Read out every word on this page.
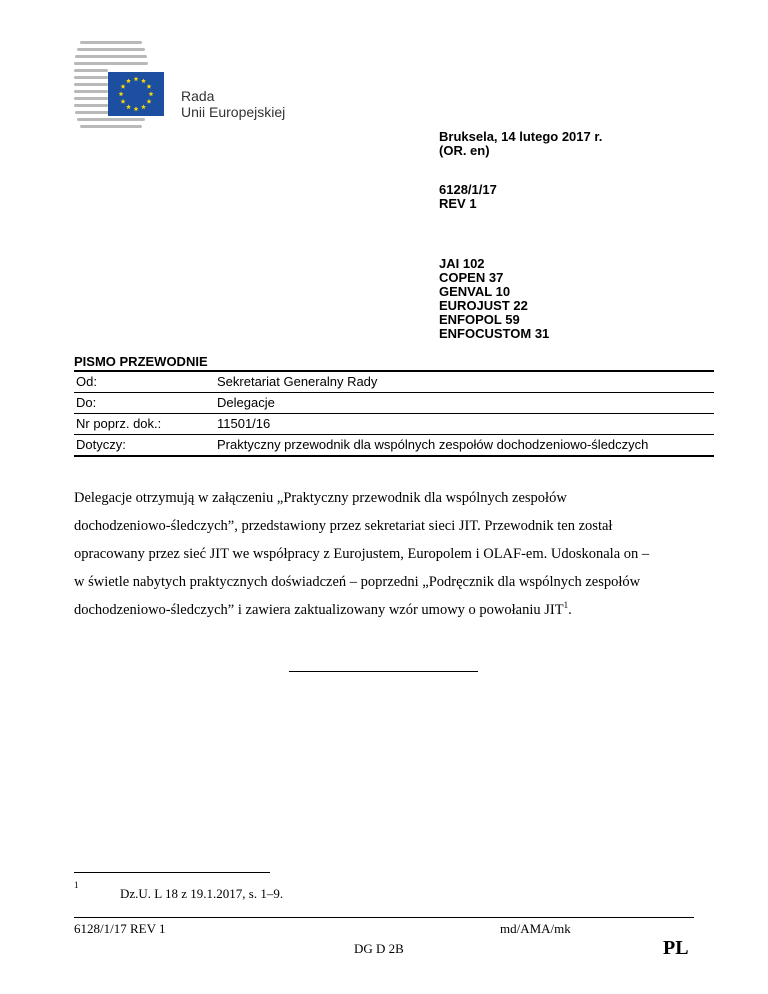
Rada
Unii Europejskiej
Bruksela, 14 lutego 2017 r.
(OR. en)
6128/1/17
REV 1
JAI 102
COPEN 37
GENVAL 10
EUROJUST 22
ENFOPOL 59
ENFOCUSTOM 31
PISMO PRZEWODNIE
Od:	Sekretariat Generalny Rady
Do:	Delegacje
Nr poprz. dok.:	11501/16
Dotyczy:	Praktyczny przewodnik dla wspólnych zespołów dochodzeniowo-śledczych
Delegacje otrzymują w załączeniu „Praktyczny przewodnik dla wspólnych zespołów
dochodzeniowo-śledczych”, przedstawiony przez sekretariat sieci JIT. Przewodnik ten został
opracowany przez sieć JIT we współpracy z Eurojustem, Europolem i OLAF-em. Udoskonala on –
w świetle nabytych praktycznych doświadczeń – poprzedni „Podręcznik dla wspólnych zespołów
dochodzeniowo-śledczych” i zawiera zaktualizowany wzór umowy o powołaniu JIT$^1$.
1
Dz.U. L 18 z 19.1.2017, s. 1–9.
6128/1/17 REV 1	md/AMA/mk
DG D 2B	PL
